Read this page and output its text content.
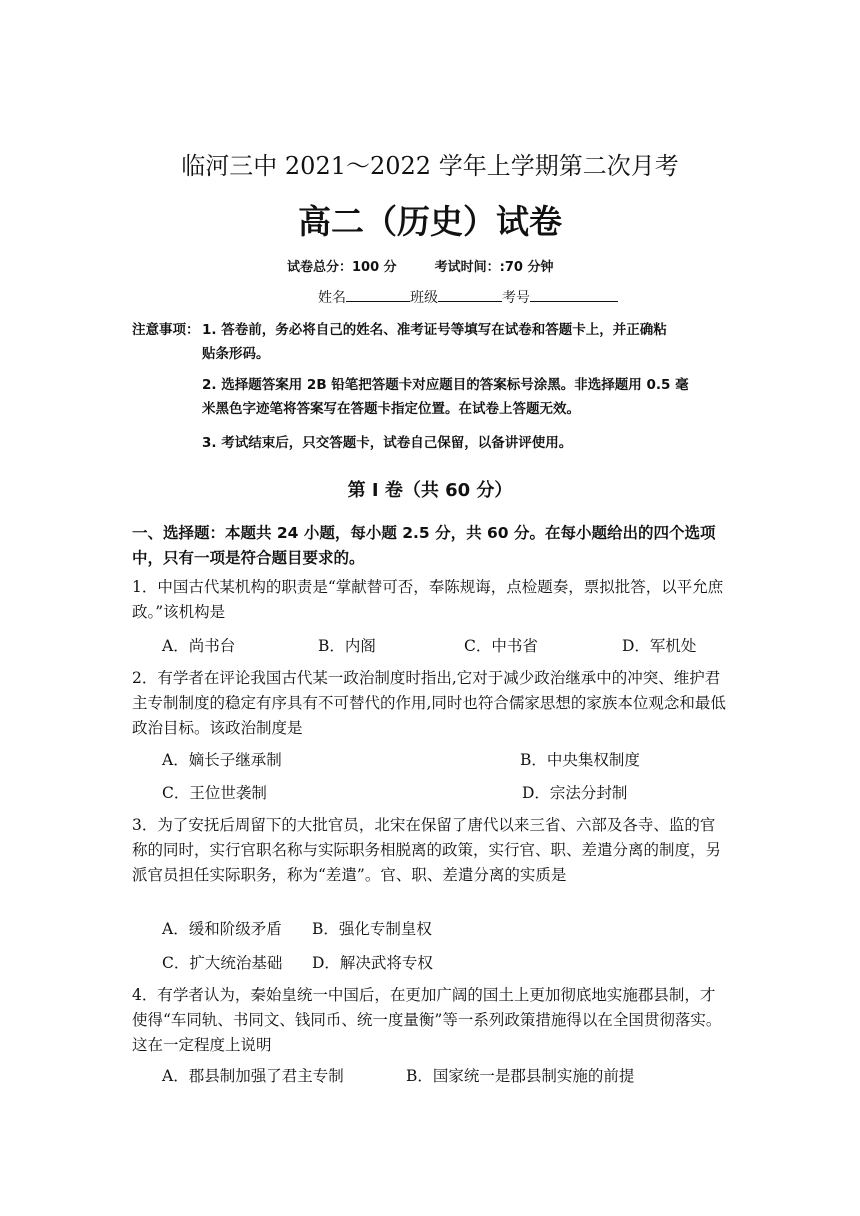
临河三中 2021～2022 学年上学期第二次月考
高二（历史）试卷
试卷总分：100 分	考试时间：:70 分钟
姓名	班级	考号
注意事项： 1. 答卷前，务必将自己的姓名、准考证号等填写在试卷和答题卡上，并正确粘
贴条形码。
2. 选择题答案用 2B 铅笔把答题卡对应题目的答案标号涂黑。非选择题用 0.5 毫
米黑色字迹笔将答案写在答题卡指定位置。在试卷上答题无效。
3. 考试结束后，只交答题卡，试卷自己保留，以备讲评使用。
第 Ⅰ 卷（共 60 分）
一、选择题：本题共 24 小题，每小题 2.5 分，共 60 分。在每小题给出的四个选项中，只有一项是符合题目要求的。
1．中国古代某机构的职责是“掌献替可否，奉陈规诲，点检题奏，票拟批答，以平允庶政。”该机构是
A．尚书台	B．内阁	C．中书省	D．军机处
2．有学者在评论我国古代某一政治制度时指出,它对于减少政治继承中的冲突、维护君主专制制度的稳定有序具有不可替代的作用,同时也符合儒家思想的家族本位观念和最低政治目标。该政治制度是
A．嫡长子继承制	B．中央集权制度
C．王位世袭制	D．宗法分封制
3．为了安抚后周留下的大批官员，北宋在保留了唐代以来三省、六部及各寺、监的官称的同时，实行官职名称与实际职务相脱离的政策，实行官、职、差遣分离的制度，另派官员担任实际职务，称为“差遣”。官、职、差遣分离的实质是
A．缓和阶级矛盾 B．强化专制皇权
C．扩大统治基础 D．解决武将专权
4．有学者认为，秦始皇统一中国后，在更加广阔的国土上更加彻底地实施郡县制，才使得“车同轨、书同文、钱同币、统一度量衡”等一系列政策措施得以在全国贯彻落实。这在一定程度上说明
A．郡县制加强了君主专制	B．国家统一是郡县制实施的前提
